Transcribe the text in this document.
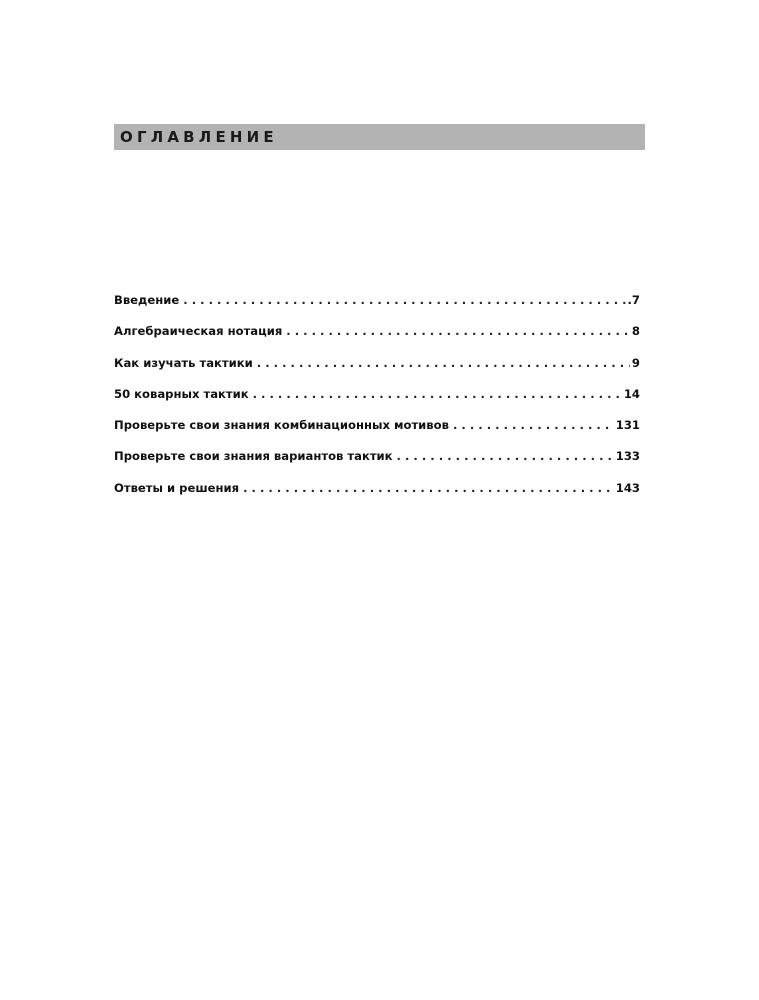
ОГЛАВЛЕНИЕ
Введение . . .	.7
Алгебраическая нотация . . .	8
Как изучать тактики . . .	9
50 коварных тактик . . .	14
Проверьте свои знания комбинационных мотивов . . .	131
Проверьте свои знания вариантов тактик . . .	133
Ответы и решения . . .	143
